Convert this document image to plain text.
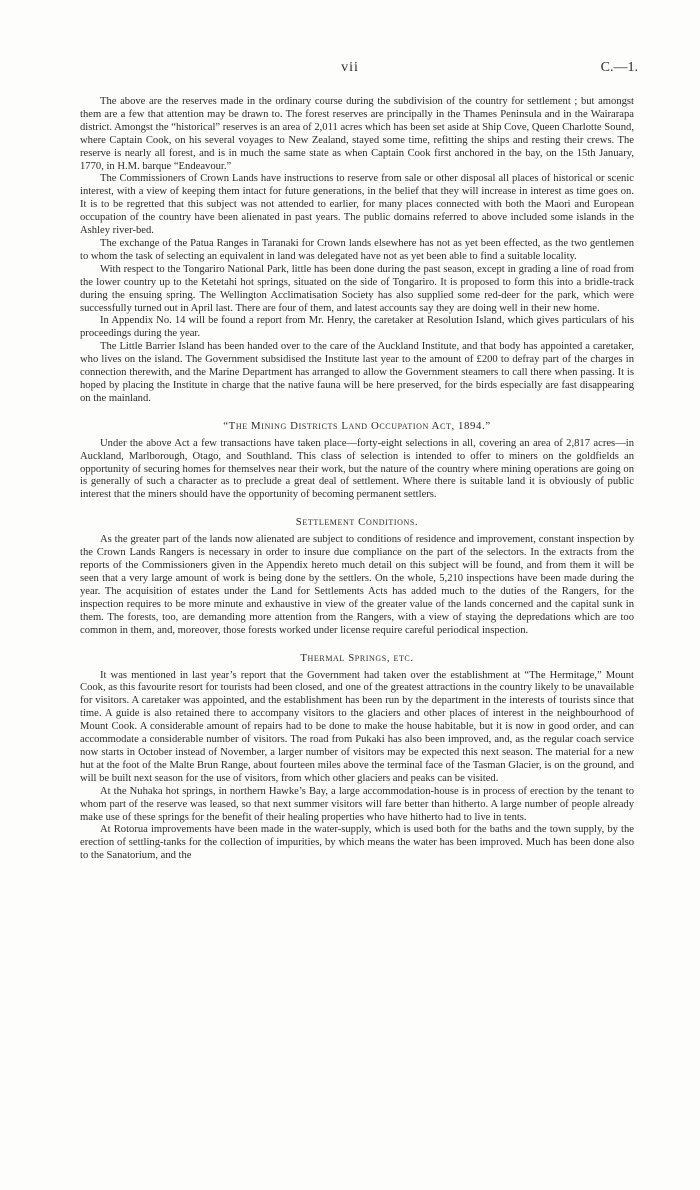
vii	C.—1.

The above are the reserves made in the ordinary course during the subdivision of the country for settlement ; but amongst them are a few that attention may be drawn to. The forest reserves are principally in the Thames Peninsula and in the Wairarapa district. Amongst the “historical” reserves is an area of 2,011 acres which has been set aside at Ship Cove, Queen Charlotte Sound, where Captain Cook, on his several voyages to New Zealand, stayed some time, refitting the ships and resting their crews. The reserve is nearly all forest, and is in much the same state as when Captain Cook first anchored in the bay, on the 15th January, 1770, in H.M. barque “Endeavour.”

The Commissioners of Crown Lands have instructions to reserve from sale or other disposal all places of historical or scenic interest, with a view of keeping them intact for future generations, in the belief that they will increase in interest as time goes on. It is to be regretted that this subject was not attended to earlier, for many places connected with both the Maori and European occupation of the country have been alienated in past years. The public domains referred to above included some islands in the Ashley river-bed.

The exchange of the Patua Ranges in Taranaki for Crown lands elsewhere has not as yet been effected, as the two gentlemen to whom the task of selecting an equivalent in land was delegated have not as yet been able to find a suitable locality.

With respect to the Tongariro National Park, little has been done during the past season, except in grading a line of road from the lower country up to the Ketetahi hot springs, situated on the side of Tongariro. It is proposed to form this into a bridle-track during the ensuing spring. The Wellington Acclimatisation Society has also supplied some red-deer for the park, which were successfully turned out in April last. There are four of them, and latest accounts say they are doing well in their new home.

In Appendix No. 14 will be found a report from Mr. Henry, the caretaker at Resolution Island, which gives particulars of his proceedings during the year.

The Little Barrier Island has been handed over to the care of the Auckland Institute, and that body has appointed a caretaker, who lives on the island. The Government subsidised the Institute last year to the amount of £200 to defray part of the charges in connection therewith, and the Marine Department has arranged to allow the Government steamers to call there when passing. It is hoped by placing the Institute in charge that the native fauna will be here preserved, for the birds especially are fast disappearing on the mainland.

“The Mining Districts Land Occupation Act, 1894.”

Under the above Act a few transactions have taken place—forty-eight selections in all, covering an area of 2,817 acres—in Auckland, Marlborough, Otago, and Southland. This class of selection is intended to offer to miners on the goldfields an opportunity of securing homes for themselves near their work, but the nature of the country where mining operations are going on is generally of such a character as to preclude a great deal of settlement. Where there is suitable land it is obviously of public interest that the miners should have the opportunity of becoming permanent settlers.

Settlement Conditions.

As the greater part of the lands now alienated are subject to conditions of residence and improvement, constant inspection by the Crown Lands Rangers is necessary in order to insure due compliance on the part of the selectors. In the extracts from the reports of the Commissioners given in the Appendix hereto much detail on this subject will be found, and from them it will be seen that a very large amount of work is being done by the settlers. On the whole, 5,210 inspections have been made during the year. The acquisition of estates under the Land for Settlements Acts has added much to the duties of the Rangers, for the inspection requires to be more minute and exhaustive in view of the greater value of the lands concerned and the capital sunk in them. The forests, too, are demanding more attention from the Rangers, with a view of staying the depredations which are too common in them, and, moreover, those forests worked under license require careful periodical inspection.

Thermal Springs, etc.

It was mentioned in last year’s report that the Government had taken over the establishment at “The Hermitage,” Mount Cook, as this favourite resort for tourists had been closed, and one of the greatest attractions in the country likely to be unavailable for visitors. A caretaker was appointed, and the establishment has been run by the department in the interests of tourists since that time. A guide is also retained there to accompany visitors to the glaciers and other places of interest in the neighbourhood of Mount Cook. A considerable amount of repairs had to be done to make the house habitable, but it is now in good order, and can accommodate a considerable number of visitors. The road from Pukaki has also been improved, and, as the regular coach service now starts in October instead of November, a larger number of visitors may be expected this next season. The material for a new hut at the foot of the Malte Brun Range, about fourteen miles above the terminal face of the Tasman Glacier, is on the ground, and will be built next season for the use of visitors, from which other glaciers and peaks can be visited.

At the Nuhaka hot springs, in northern Hawke’s Bay, a large accommodation-house is in process of erection by the tenant to whom part of the reserve was leased, so that next summer visitors will fare better than hitherto. A large number of people already make use of these springs for the benefit of their healing properties who have hitherto had to live in tents.

At Rotorua improvements have been made in the water-supply, which is used both for the baths and the town supply, by the erection of settling-tanks for the collection of impurities, by which means the water has been improved. Much has been done also to the Sanatorium, and the
